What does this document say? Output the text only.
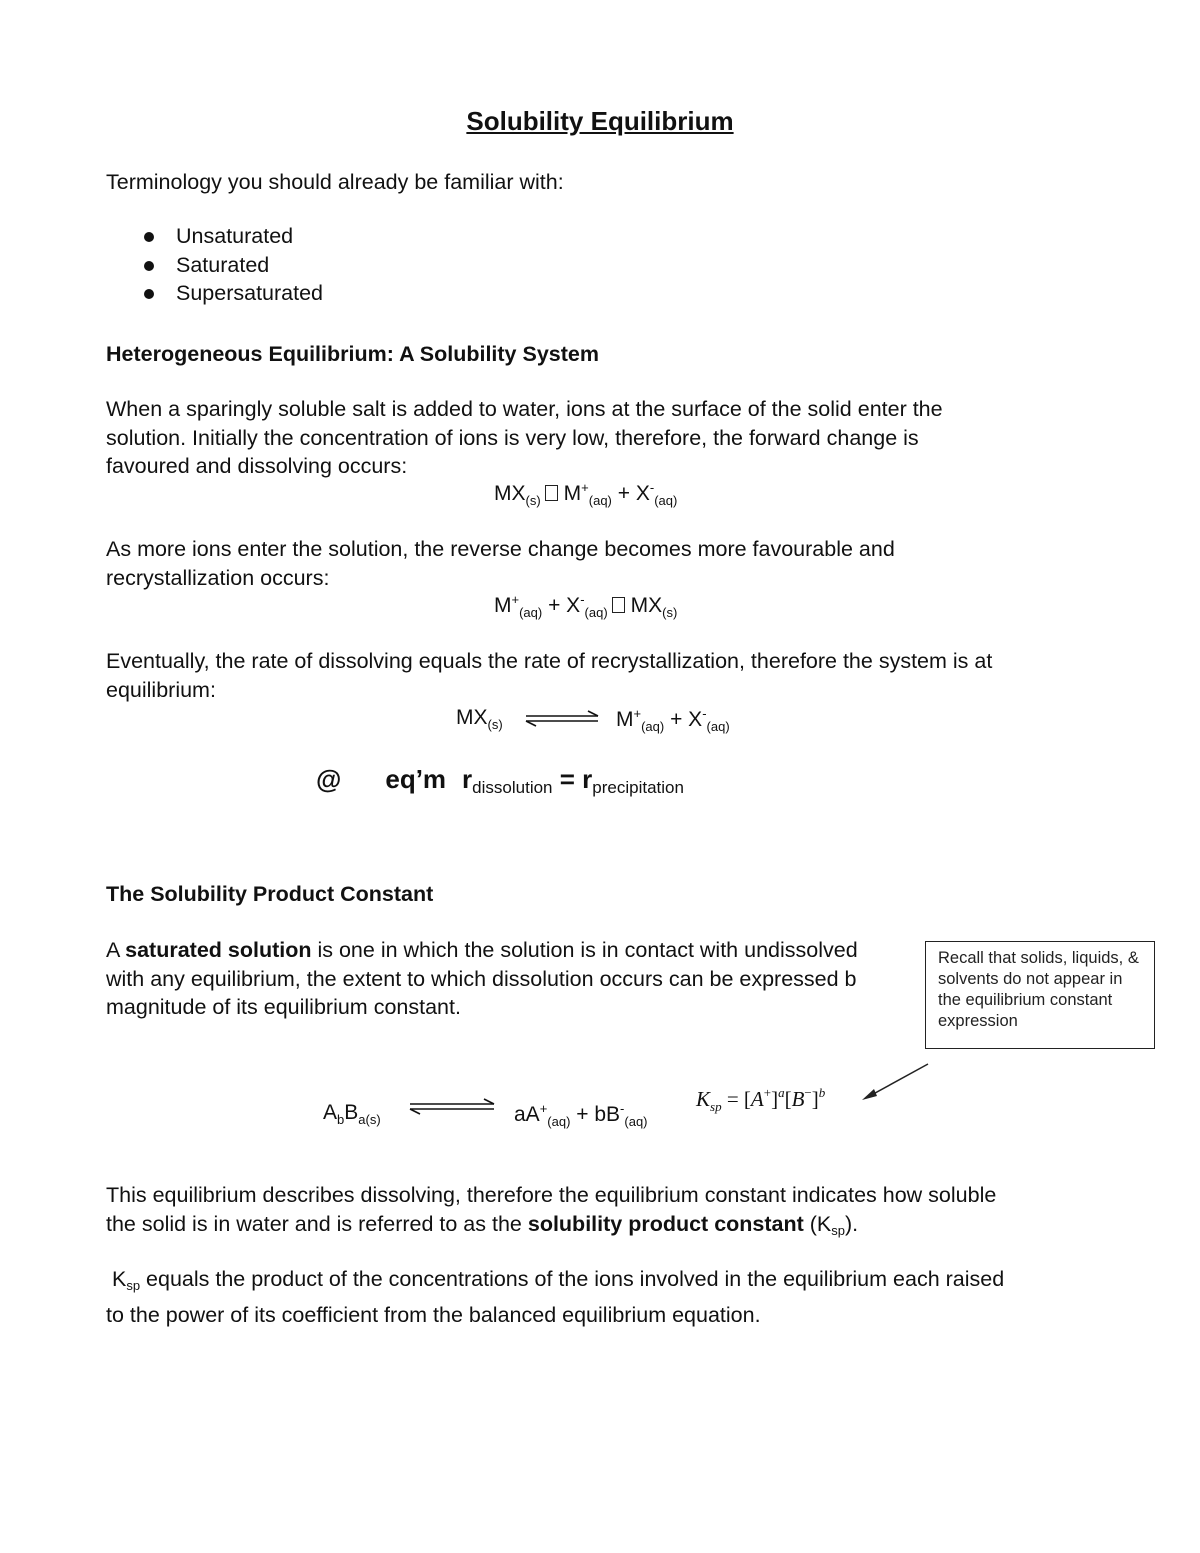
Solubility Equilibrium
Terminology you should already be familiar with:
Unsaturated
Saturated
Supersaturated
Heterogeneous Equilibrium: A Solubility System
When a sparingly soluble salt is added to water, ions at the surface of the solid enter the
solution. Initially the concentration of ions is very low, therefore, the forward change is
favoured and dissolving occurs:
$MX_{(s)}$ $M^+_{(aq)} + X^-_{(aq)}$
As more ions enter the solution, the reverse change becomes more favourable and
recrystallization occurs:
$M^+_{(aq)} + X^-_{(aq)}$ $MX_{(s)}$
Eventually, the rate of dissolving equals the rate of recrystallization, therefore the system is at
equilibrium:
$MX_{(s)}$	$M^+_{(aq)} + X^-_{(aq)}$
@ eq’m $r_{dissolution} = r_{precipitation}$
The Solubility Product Constant
A saturated solution is one in which the solution is in contact with undissolved
with any equilibrium, the extent to which dissolution occurs can be expressed b
magnitude of its equilibrium constant.
Recall that solids, liquids, & solvents do not appear in the equilibrium constant expression
$A_bB_{a(s)}$	$aA^+_{(aq)} + bB^-_{(aq)}$
$K_{sp} = [A^+]^a[B^-]^b$
This equilibrium describes dissolving, therefore the equilibrium constant indicates how soluble
the solid is in water and is referred to as the solubility product constant $(K_{sp})$.
$K_{sp}$ equals the product of the concentrations of the ions involved in the equilibrium each raised
to the power of its coefficient from the balanced equilibrium equation.
